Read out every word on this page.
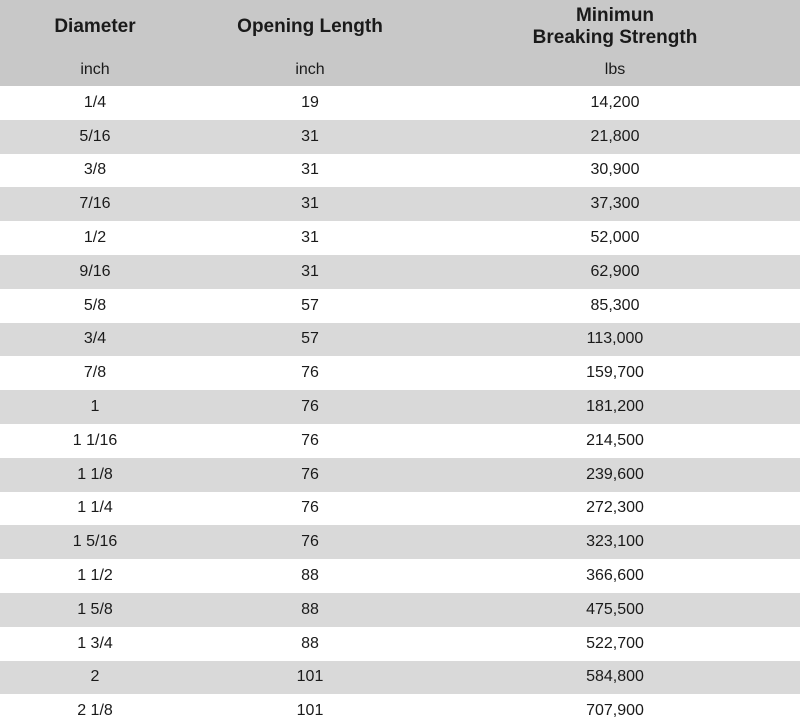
Diameter	Opening Length	Minimun
Breaking Strength

inch	inch	lbs
1/4	19	14,200
5/16	31	21,800
3/8	31	30,900
7/16	31	37,300
1/2	31	52,000
9/16	31	62,900
5/8	57	85,300
3/4	57	113,000
7/8	76	159,700
1	76	181,200
1 1/16	76	214,500
1 1/8	76	239,600
1 1/4	76	272,300
1 5/16	76	323,100
1 1/2	88	366,600
1 5/8	88	475,500
1 3/4	88	522,700
2	101	584,800
2 1/8	101	707,900
